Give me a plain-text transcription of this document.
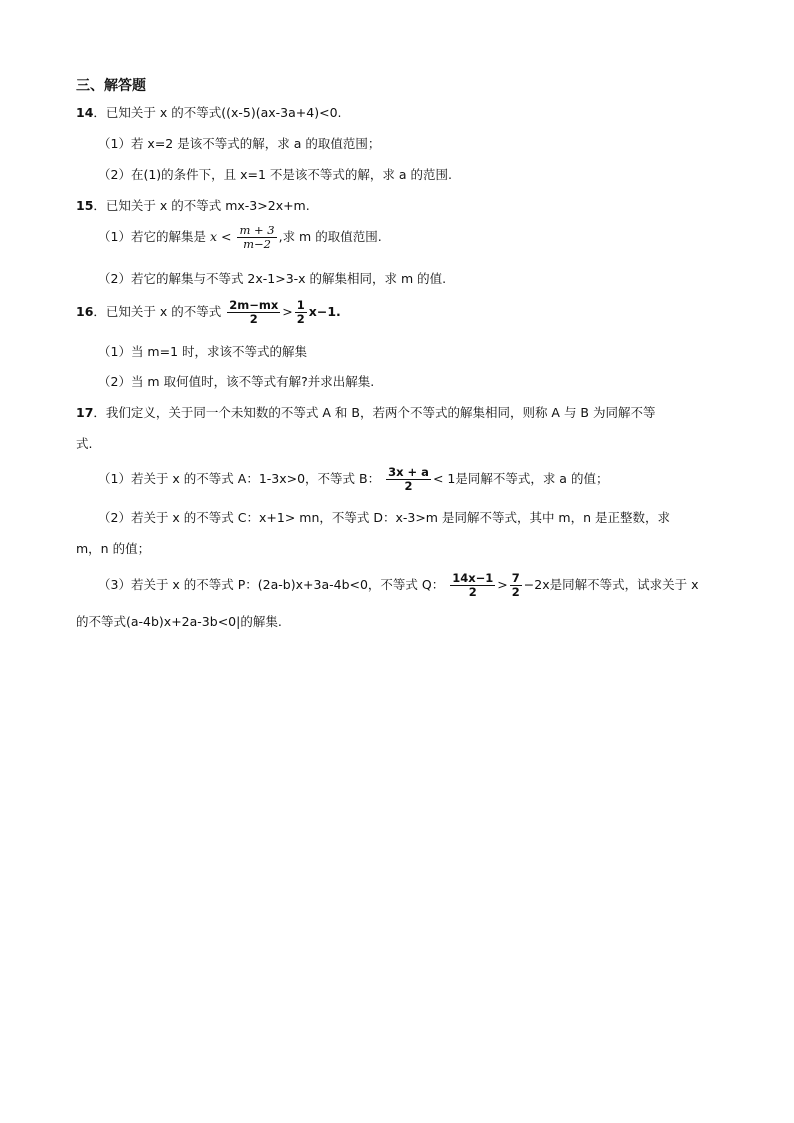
三、解答题
14．已知关于 x 的不等式((x-5)(ax-3a+4)<0.
（1）若 x=2 是该不等式的解，求 a 的取值范围；
（2）在(1)的条件下，且 x=1 不是该不等式的解，求 a 的范围.
15．已知关于 x 的不等式 mx-3>2x+m.
（1）若它的解集是 $x < \frac{m + 3}{m-2}$ ,求 m 的取值范围.
（2）若它的解集与不等式 2x-1>3-x 的解集相同，求 m 的值.
16．已知关于 x 的不等式 $\frac{2m-mx}{2} > \frac{1}{2} x-1$.
（1）当 m=1 时，求该不等式的解集
（2）当 m 取何值时，该不等式有解?并求出解集.
17．我们定义，关于同一个未知数的不等式 A 和 B，若两个不等式的解集相同，则称 A 与 B 为同解不等
式.
（1）若关于 x 的不等式 A：1-3x>0，不等式 B： $\frac{3x + a}{2} < 1$是同解不等式，求 a 的值；
（2）若关于 x 的不等式 C：x+1> mn，不等式 D：x-3>m 是同解不等式，其中 m，n 是正整数，求
m，n 的值；
（3）若关于 x 的不等式 P：(2a-b)x+3a-4b<0，不等式 Q： $\frac{14x-1}{2} > \frac{7}{2} -2x$是同解不等式，试求关于 x
的不等式(a-4b)x+2a-3b<0|的解集.
